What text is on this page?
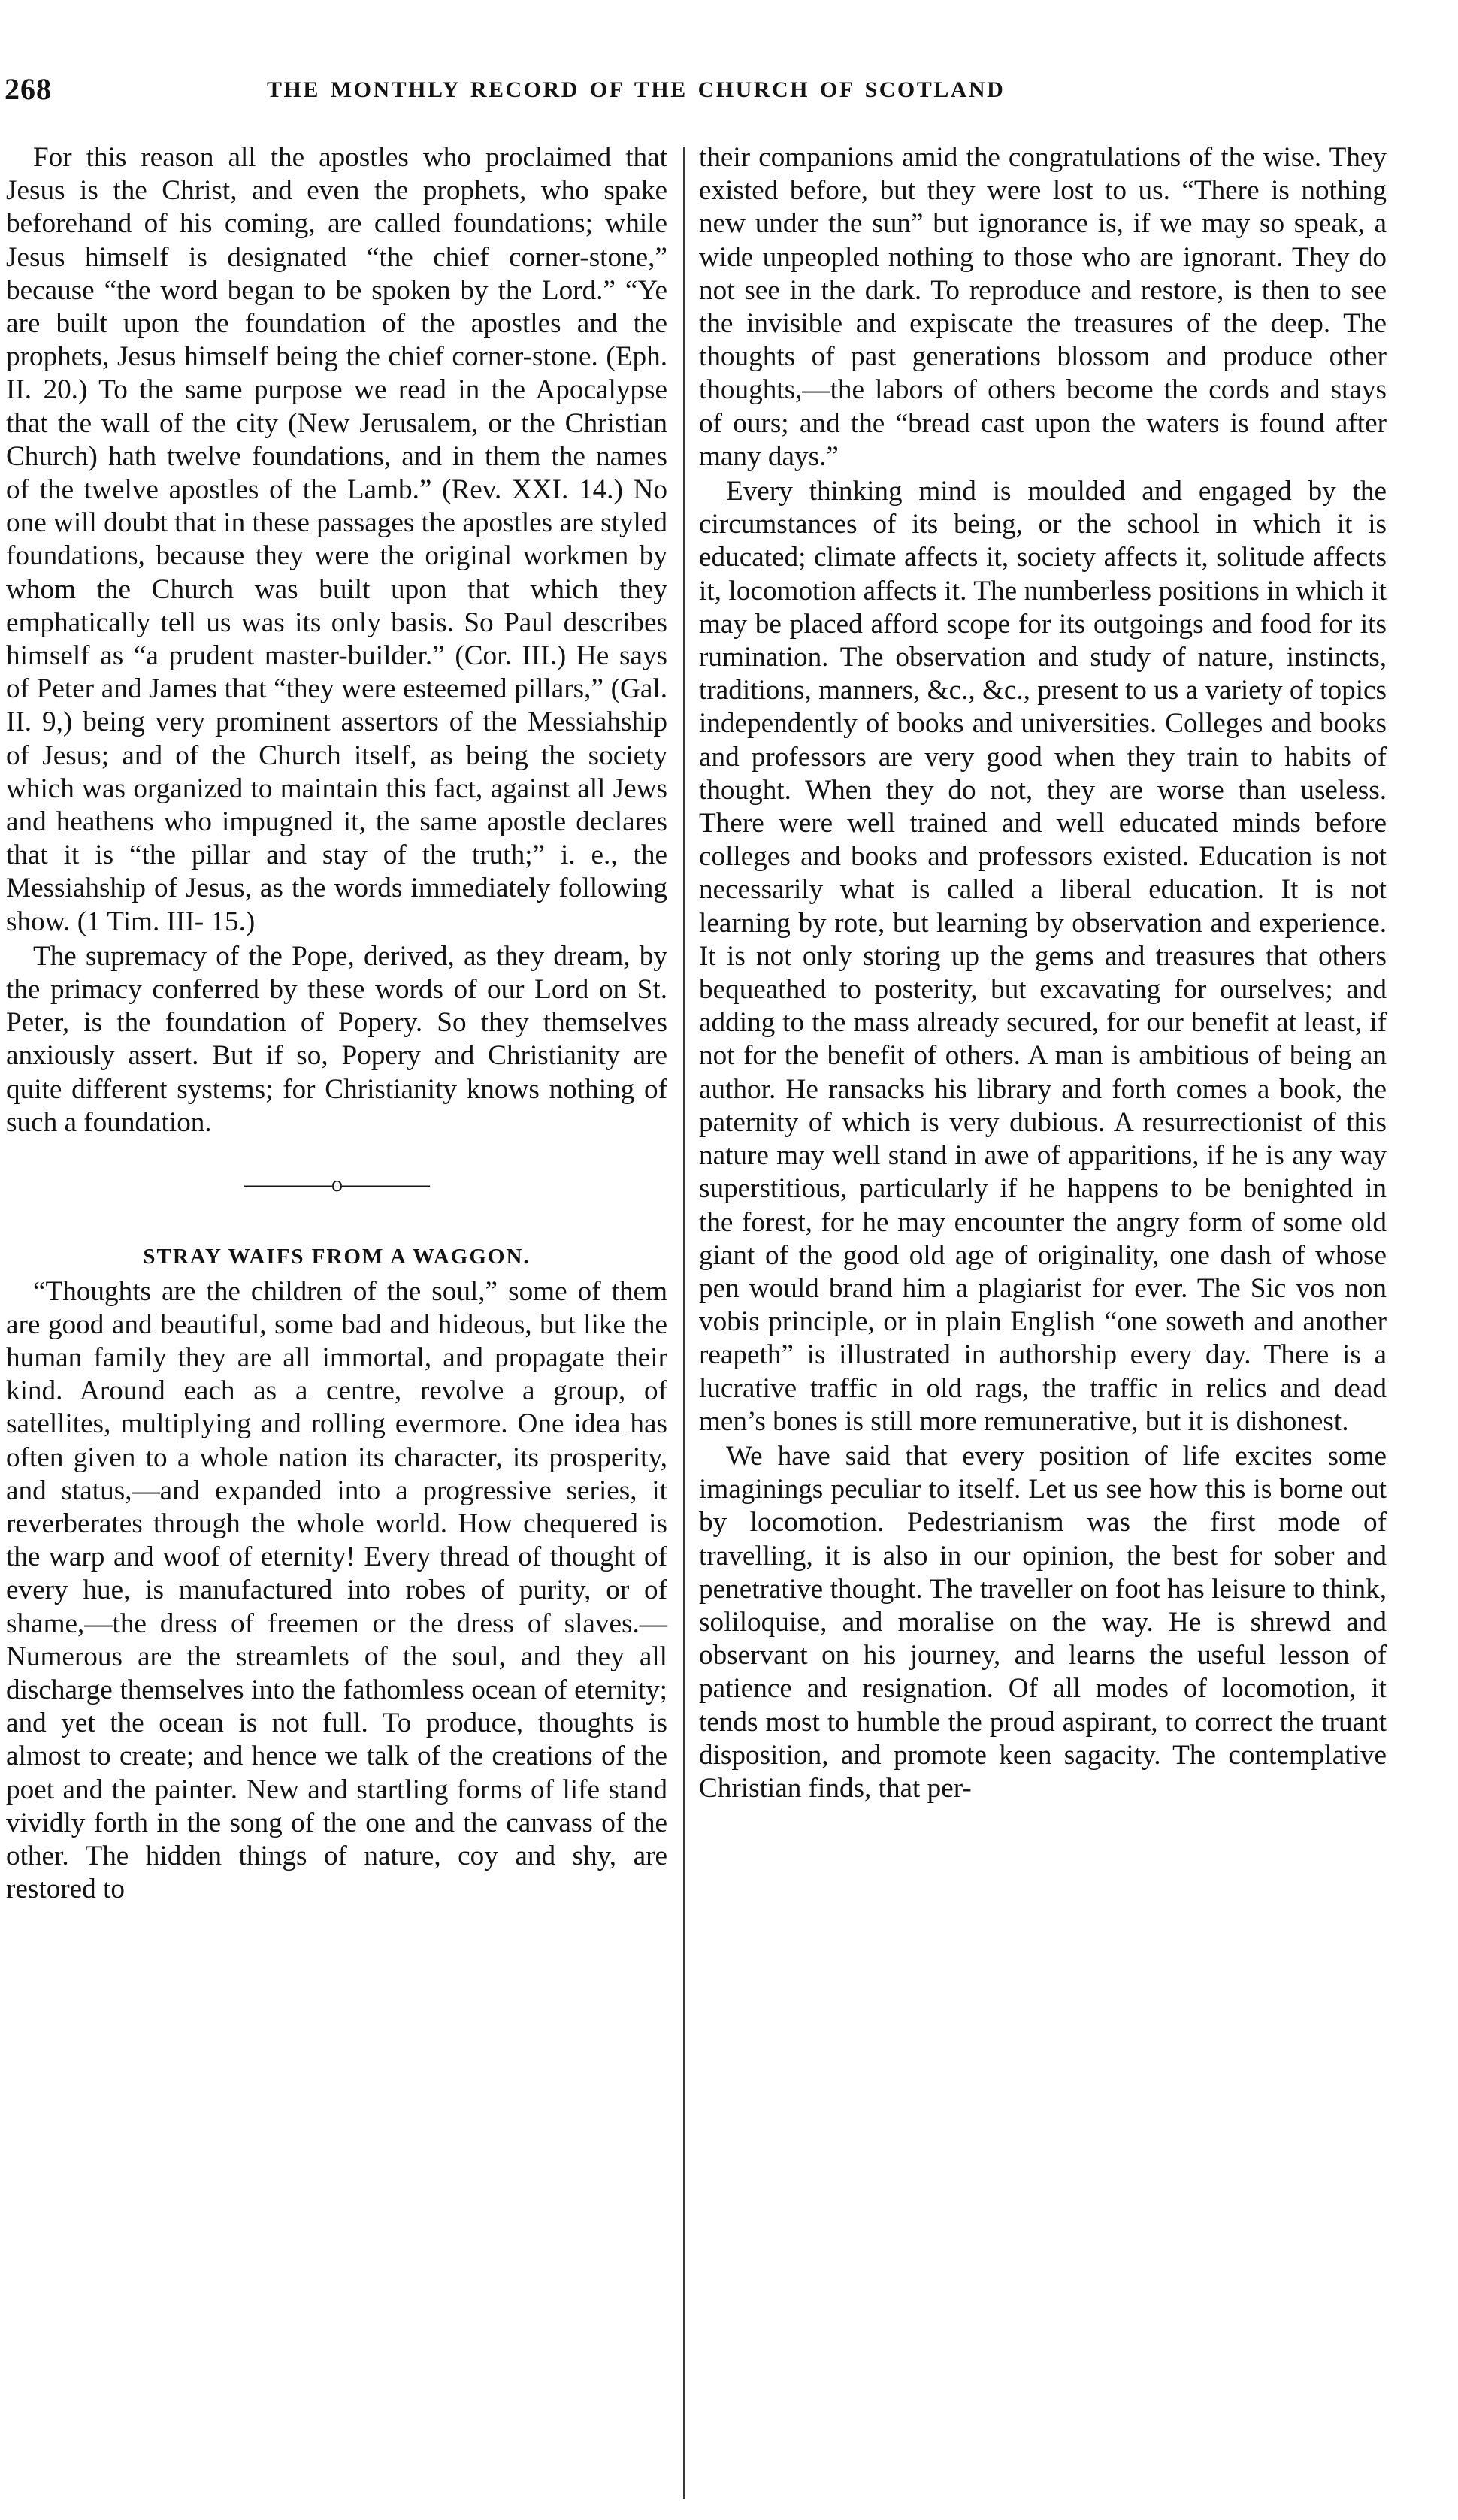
268	THE MONTHLY RECORD OF THE CHURCH OF SCOTLAND

For this reason all the apostles who proclaimed that Jesus is the Christ, and even the prophets, who spake beforehand of his coming, are called foundations; while Jesus himself is designated “the chief corner-stone,” because “the word began to be spoken by the Lord.” “Ye are built upon the foundation of the apostles and the prophets, Jesus himself being the chief corner-stone. (Eph. II. 20.) To the same purpose we read in the Apocalypse that the wall of the city (New Jerusalem, or the Christian Church) hath twelve foundations, and in them the names of the twelve apostles of the Lamb.” (Rev. XXI. 14.) No one will doubt that in these passages the apostles are styled foundations, because they were the original workmen by whom the Church was built upon that which they emphatically tell us was its only basis. So Paul describes himself as “a prudent master-builder.” (Cor. III.) He says of Peter and James that “they were esteemed pillars,” (Gal. II. 9,) being very prominent assertors of the Messiahship of Jesus; and of the Church itself, as being the society which was organized to maintain this fact, against all Jews and heathens who impugned it, the same apostle declares that it is “the pillar and stay of the truth;” i. e., the Messiahship of Jesus, as the words immediately following show. (1 Tim. III- 15.)

The supremacy of the Pope, derived, as they dream, by the primacy conferred by these words of our Lord on St. Peter, is the foundation of Popery. So they themselves anxiously assert. But if so, Popery and Christianity are quite different systems; for Christianity knows nothing of such a foundation.

————o————
STRAY WAIFS FROM A WAGGON.

“Thoughts are the children of the soul,” some of them are good and beautiful, some bad and hideous, but like the human family they are all immortal, and propagate their kind. Around each as a centre, revolve a group, of satellites, multiplying and rolling evermore. One idea has often given to a whole nation its character, its prosperity, and status,—and expanded into a progressive series, it reverberates through the whole world. How chequered is the warp and woof of eternity! Every thread of thought of every hue, is manufactured into robes of purity, or of shame,—the dress of freemen or the dress of slaves.—Numerous are the streamlets of the soul, and they all discharge themselves into the fathomless ocean of eternity; and yet the ocean is not full. To produce, thoughts is almost to create; and hence we talk of the creations of the poet and the painter. New and startling forms of life stand vividly forth in the song of the one and the canvass of the other. The hidden things of nature, coy and shy, are restored to

their companions amid the congratulations of the wise. They existed before, but they were lost to us. “There is nothing new under the sun” but ignorance is, if we may so speak, a wide unpeopled nothing to those who are ignorant. They do not see in the dark. To reproduce and restore, is then to see the invisible and expiscate the treasures of the deep. The thoughts of past generations blossom and produce other thoughts,—the labors of others become the cords and stays of ours; and the “bread cast upon the waters is found after many days.”

Every thinking mind is moulded and engaged by the circumstances of its being, or the school in which it is educated; climate affects it, society affects it, solitude affects it, locomotion affects it. The numberless positions in which it may be placed afford scope for its outgoings and food for its rumination. The observation and study of nature, instincts, traditions, manners, &c., &c., present to us a variety of topics independently of books and universities. Colleges and books and professors are very good when they train to habits of thought. When they do not, they are worse than useless. There were well trained and well educated minds before colleges and books and professors existed. Education is not necessarily what is called a liberal education. It is not learning by rote, but learning by observation and experience. It is not only storing up the gems and treasures that others bequeathed to posterity, but excavating for ourselves; and adding to the mass already secured, for our benefit at least, if not for the benefit of others. A man is ambitious of being an author. He ransacks his library and forth comes a book, the paternity of which is very dubious. A resurrectionist of this nature may well stand in awe of apparitions, if he is any way superstitious, particularly if he happens to be benighted in the forest, for he may encounter the angry form of some old giant of the good old age of originality, one dash of whose pen would brand him a plagiarist for ever. The Sic vos non vobis principle, or in plain English “one soweth and another reapeth” is illustrated in authorship every day. There is a lucrative traffic in old rags, the traffic in relics and dead men’s bones is still more remunerative, but it is dishonest.

We have said that every position of life excites some imaginings peculiar to itself. Let us see how this is borne out by locomotion. Pedestrianism was the first mode of travelling, it is also in our opinion, the best for sober and penetrative thought. The traveller on foot has leisure to think, soliloquise, and moralise on the way. He is shrewd and observant on his journey, and learns the useful lesson of patience and resignation. Of all modes of locomotion, it tends most to humble the proud aspirant, to correct the truant disposition, and promote keen sagacity. The contemplative Christian finds, that per-
